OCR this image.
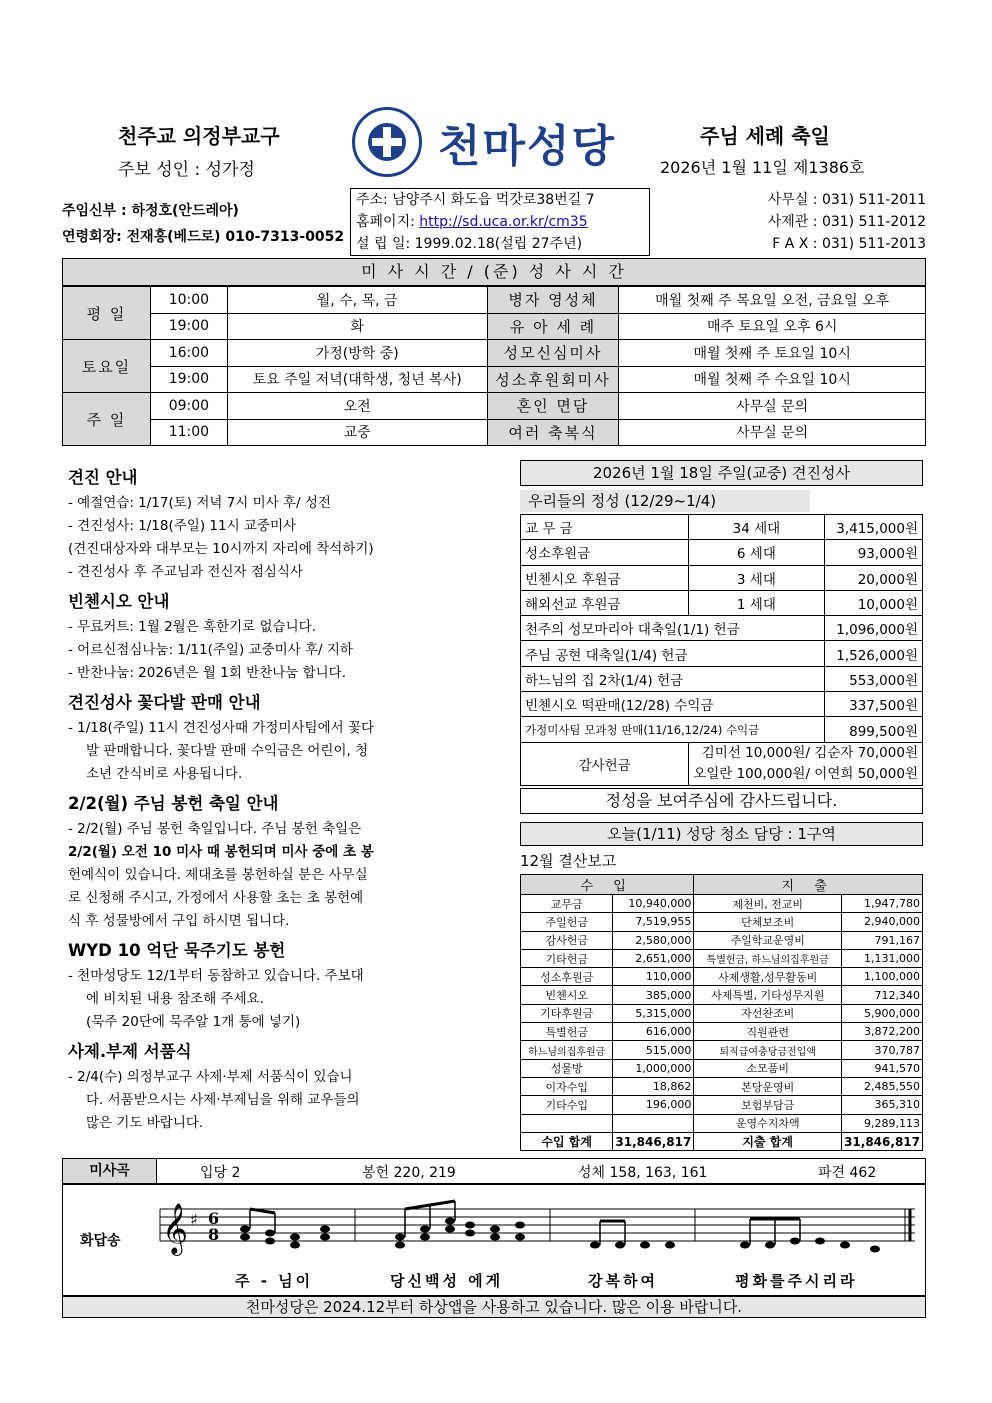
천주교 의정부교구
주보 성인 : 성가정	천마성당	주님 세례 축일
2026년 1월 11일 제1386호
주임신부 : 하정호(안드레아)
연령회장: 전재홍(베드로) 010-7313-0052
주소: 남양주시 화도읍 먹갓로38번길 7
홈페이지: http://sd.uca.or.kr/cm35
설 립 일: 1999.02.18(설립 27주년)
사무실 : 031) 511-2011
사제관 : 031) 511-2012
F A X : 031) 511-2013
미 사 시 간 / (준) 성 사 시 간
평 일	10:00	월, 수, 목, 금	병자 영성체	매월 첫째 주 목요일 오전, 금요일 오후
	19:00	화	유 아 세 례	매주 토요일 오후 6시
토요일	16:00	가정(방학 중)	성모신심미사	매월 첫째 주 토요일 10시
	19:00	토요 주일 저녁(대학생, 청년 복사)	성소후원회미사	매월 첫째 주 수요일 10시
주 일	09:00	오전	혼인 면담	사무실 문의
	11:00	교중	여러 축복식	사무실 문의
견진 안내
- 예절연습: 1/17(토) 저녁 7시 미사 후/ 성전
- 견진성사: 1/18(주일) 11시 교중미사
(견진대상자와 대부모는 10시까지 자리에 착석하기)
- 견진성사 후 주교님과 전신자 점심식사
빈첸시오 안내
- 무료커트: 1월 2월은 혹한기로 없습니다.
- 어르신점심나눔: 1/11(주일) 교중미사 후/ 지하
- 반찬나눔: 2026년은 월 1회 반찬나눔 합니다.
견진성사 꽃다발 판매 안내
- 1/18(주일) 11시 견진성사때 가정미사팀에서 꽃다
발 판매합니다. 꽃다발 판매 수익금은 어린이, 청
소년 간식비로 사용됩니다.
2/2(월) 주님 봉헌 축일 안내
- 2/2(월) 주님 봉헌 축일입니다. 주님 봉헌 축일은
2/2(월) 오전 10 미사 때 봉헌되며 미사 중에 초 봉
헌예식이 있습니다. 제대초를 봉헌하실 분은 사무실
로 신청해 주시고, 가정에서 사용할 초는 초 봉헌예
식 후 성물방에서 구입 하시면 됩니다.
WYD 10 억단 묵주기도 봉헌
- 천마성당도 12/1부터 동참하고 있습니다. 주보대
에 비치된 내용 참조해 주세요.
(묵주 20단에 묵주알 1개 통에 넣기)
사제.부제 서품식
- 2/4(수) 의정부교구 사제·부제 서품식이 있습니
다. 서품받으시는 사제·부제님을 위해 교우들의
많은 기도 바랍니다.
2026년 1월 18일 주일(교중) 견진성사
우리들의 정성 (12/29~1/4)
교 무 금	34 세대	3,415,000원
성소후원금	6 세대	93,000원
빈첸시오 후원금	3 세대	20,000원
해외선교 후원금	1 세대	10,000원
천주의 성모마리아 대축일(1/1) 헌금		1,096,000원
주님 공현 대축일(1/4) 헌금		1,526,000원
하느님의 집 2차(1/4) 헌금		553,000원
빈첸시오 떡판매(12/28) 수익금		337,500원
가정미사팀 모과청 판매(11/16,12/24) 수익금		899,500원
감사헌금	김미선 10,000원/ 김순자 70,000원
오일란 100,000원/ 이연희 50,000원	
정성을 보여주심에 감사드립니다.
오늘(1/11) 성당 청소 담당 : 1구역
12월 결산보고
수 입		지 출	
교무금	10,940,000	제천비, 전교비	1,947,780
주일헌금	7,519,955	단체보조비	2,940,000
감사헌금	2,580,000	주일학교운영비	791,167
기타헌금	2,651,000	특별헌금, 하느님의집후원금	1,131,000
성소후원금	110,000	사제생활,성무활동비	1,100,000
빈첸시오	385,000	사제특별, 기타성무지원	712,340
기타후원금	5,315,000	자선찬조비	5,900,000
특별헌금	616,000	직원관련	3,872,200
하느님의집후원금	515,000	퇴직급여충당금전입액	370,787
성물방	1,000,000	소모품비	941,570
이자수입	18,862	본당운영비	2,485,550
기타수입	196,000	보험부담금	365,310
		운영수지차액	9,289,113
수입 합계	31,846,817	지출 합계	31,846,817
미사곡	입당 2	봉헌 220, 219	성체 158, 163, 161	파견 462
화답송 𝄞 ♯ 6
8
주 - 님이	당신백성 에게	강복하여	평화를주시리라
천마성당은 2024.12부터 하상앱을 사용하고 있습니다. 많은 이용 바랍니다.
